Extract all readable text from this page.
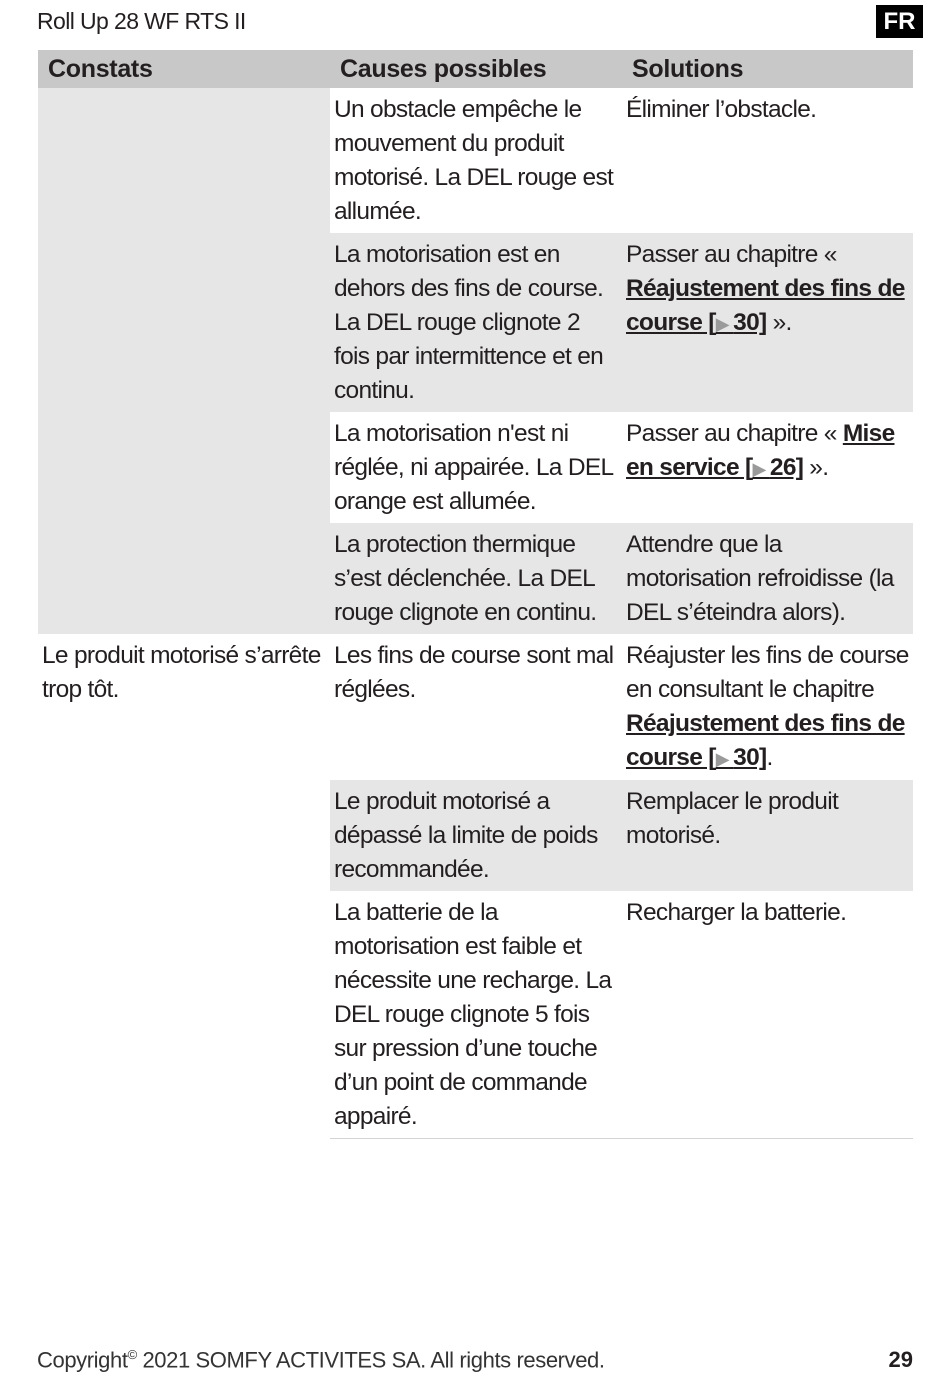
Roll Up 28 WF RTS II	FR
Constats	Causes possibles	Solutions
	Un obstacle empêche le mouvement du produit motorisé. La DEL rouge est allumée.	Éliminer l’obstacle.
	La motorisation est en dehors des fins de course. La DEL rouge clignote 2 fois par intermittence et en continu.	Passer au chapitre « Réajustement des fins de course [▶ 30] ».
	La motorisation n'est ni réglée, ni appairée. La DEL orange est allumée.	Passer au chapitre « Mise en service [▶ 26] ».
	La protection thermique s’est déclenchée. La DEL rouge clignote en continu.	Attendre que la motorisation refroidisse (la DEL s’éteindra alors).
Le produit motorisé s’arrête trop tôt.	Les fins de course sont mal réglées.	Réajuster les fins de course en consultant le chapitre Réajustement des fins de course [▶ 30].
	Le produit motorisé a dépassé la limite de poids recommandée.	Remplacer le produit motorisé.
	La batterie de la motorisation est faible et nécessite une recharge. La DEL rouge clignote 5 fois sur pression d’une touche d’un point de commande appairé.	Recharger la batterie.
Copyright© 2021 SOMFY ACTIVITES SA. All rights reserved.	29
